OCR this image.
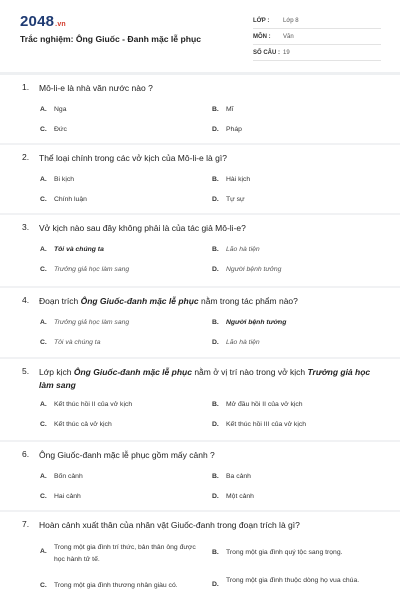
2048.vn
Trắc nghiệm: Ông Giuốc - Đanh mặc lễ phục
LỚP : Lớp 8
MÔN : Văn
SỐ CÂU : 19
1. Mô-li-e là nhà văn nước nào ?
A. Nga	B. Mĩ
C. Đức	D. Pháp
2. Thể loại chính trong các vở kịch của Mô-li-e là gì?
A. Bi kịch	B. Hài kịch
C. Chính luận	D. Tự sự
3. Vở kịch nào sau đây không phải là của tác giả Mô-li-e?
A. Tôi và chúng ta	B. Lão hà tiện
C. Trưởng giả học làm sang	D. Người bệnh tưởng
4. Đoạn trích Ông Giuốc-đanh mặc lễ phục nằm trong tác phẩm nào?
A. Trưởng giả học làm sang	B. Người bệnh tưởng
C. Tôi và chúng ta	D. Lão hà tiện
5. Lớp kịch Ông Giuốc-đanh mặc lễ phục nằm ở vị trí nào trong vở kịch Trưởng giả học làm sang
A. Kết thúc hồi II của vở kịch	B. Mở đầu hồi II của vở kịch
C. Kết thúc cả vở kịch	D. Kết thúc hồi III của vở kịch
6. Ông Giuốc-đanh mặc lễ phục gồm mấy cảnh ?
A. Bốn cảnh	B. Ba cảnh
C. Hai cảnh	D. Một cảnh
7. Hoàn cảnh xuất thân của nhân vật Giuốc-đanh trong đoạn trích là gì?
A.
Trong một gia đình trí thức, bản thân ông được học hành tử tế.
B. Trong một gia đình quý tộc sang trọng.
C. Trong một gia đình thương nhân giàu có.	D.
Trong một gia đình thuộc dòng họ vua chúa.
